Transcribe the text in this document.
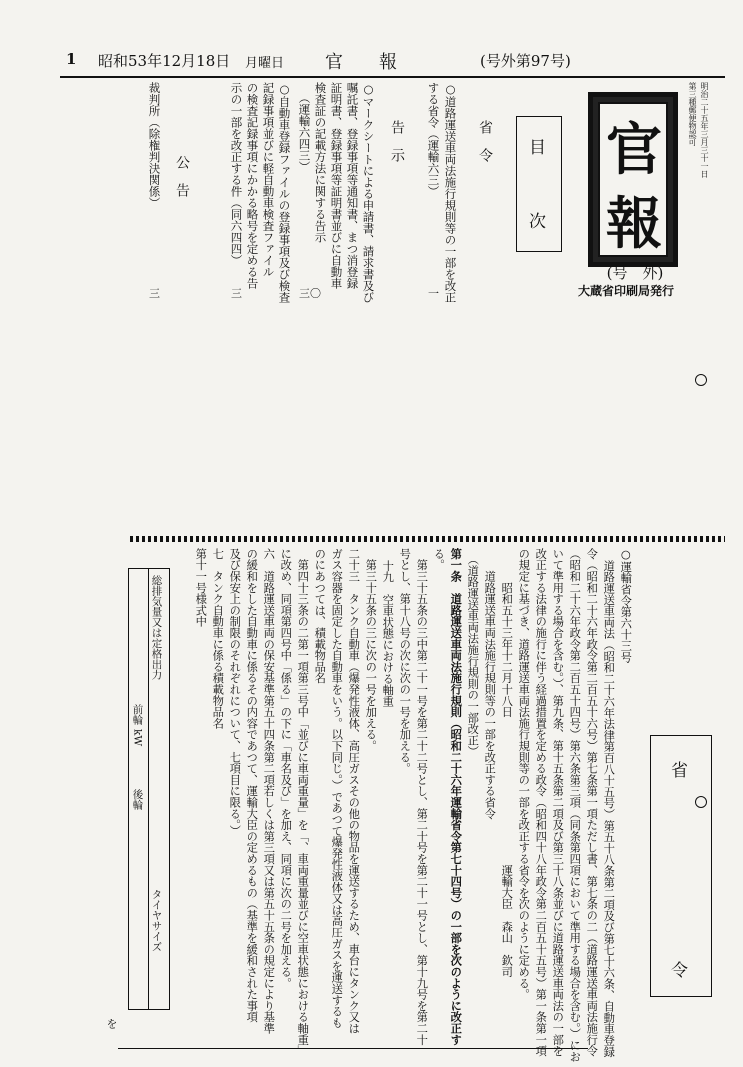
1 昭和53年12月18日 月曜日 官　　報	(号外第97号)
明治二十五年三月三十一日
第三種郵便物認可
官
報
(号　外)
大蔵省印刷局発行
目
次
省　令
告　示
公　告	○道路運送車両法施行規則等の一部を改正
する省令（運輸六三）
一
○マークシートによる申請書、請求書及び
嘱託書、登録事項等通知書、まつ消登録
証明書、登録事項等証明書並びに自動車
検査証の記載方法に関する告示
（運輸六四三）
三〇
○自動車登録ファイルの登録事項及び検査
記録事項並びに軽自動車検査ファイル
の検査記録事項にかかる略号を定める告
示の一部を改正する件（同六四四）
三
裁判所（除権判決関係）
三
省
令
○運輸省令第六十三号
道路運送車両法（昭和二十六年法律第百八十五号）第五十八条第二項及び第七十六条、自動車登録
令（昭和二十六年政令第二百五十六号）第七条第一項ただし書、第七条の二（道路運送車両法施行令
（昭和二十六年政令第二百五十四号）第六条第三項（同条第四項において準用する場合を含む。）にお
いて準用する場合を含む。）、第九条、第十五条第二項及び第三十八条並びに道路運送車両法の一部を
改正する法律の施行に伴う経過措置を定める政令（昭和四十八年政令第二百五十五号）第一条第一項
の規定に基づき、道路運送車両法施行規則等の一部を改正する省令を次のように定める。
　　　昭和五十三年十二月十八日　　　　　　　　　　　　　運輸大臣　森山　欽司
　　道路運送車両法施行規則等の一部を改正する省令
　（道路運送車両法施行規則の一部改正）
第一条　道路運送車両法施行規則（昭和二十六年運輸省令第七十四号）の一部を次のように改正す
る。
　第三十五条の三中第二十一号を第二十二号とし、第二十号を第二十一号とし、第十九号を第二十
号とし、第十八号の次に次の一号を加える。
十九　空車状態における軸重
　第三十五条の三に次の一号を加える。
二十三　タンク自動車（爆発性液体、高圧ガスその他の物品を運送するため、車台にタンク又は
ガス容器を固定した自動車をいう。以下同じ。）であつて爆発性液体又は高圧ガスを運送するも
のにあつては、積載物品名
　第四十三条の二第一項第三号中「並びに車両重量」を「、車両重量並びに空車状態における軸重」
に改め、同項第四号中「係る」の下に「車名及び」を加え、同項に次の二号を加える。
六　道路運送車両の保安基準第五十四条第二項若しくは第三項又は第五十五条の規定により基準
の緩和をした自動車に係るその内容であつて、運輸大臣の定めるもの（基準を緩和された事項
及び保安上の制限のそれぞれについて、七項目に限る。）
七　タンク自動車に係る積載物品名
第十一号様式中
総排気量又は定格出力
タイヤサイズ
kW
後輪
前輪
を
